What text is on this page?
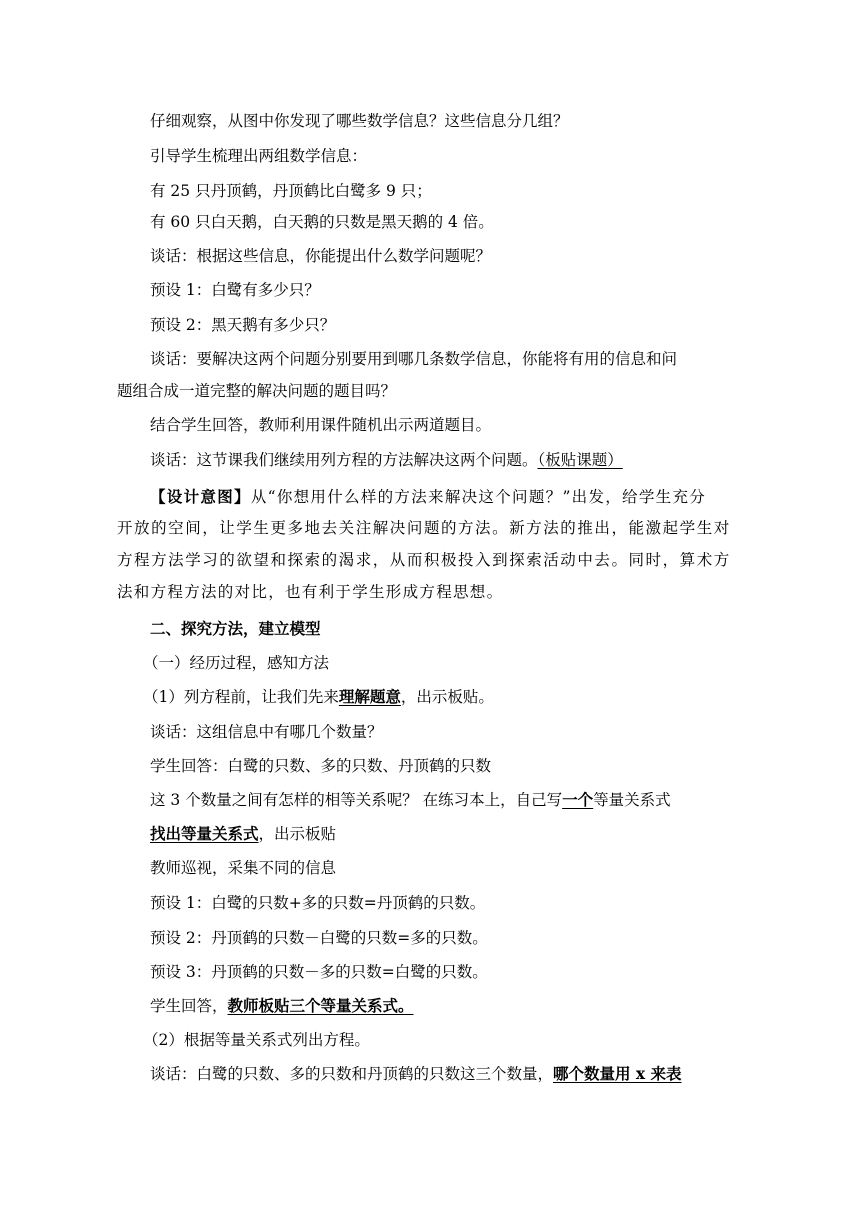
仔细观察，从图中你发现了哪些数学信息？这些信息分几组？
引导学生梳理出两组数学信息：
有 25 只丹顶鹤，丹顶鹤比白鹭多 9 只；
有 60 只白天鹅，白天鹅的只数是黑天鹅的 4 倍。
谈话：根据这些信息，你能提出什么数学问题呢？
预设 1：白鹭有多少只？
预设 2：黑天鹅有多少只？
谈话：要解决这两个问题分别要用到哪几条数学信息，你能将有用的信息和问
题组合成一道完整的解决问题的题目吗？
结合学生回答，教师利用课件随机出示两道题目。
谈话：这节课我们继续用列方程的方法解决这两个问题。（板贴课题）
【设计意图】从“你想用什么样的方法来解决这个问题？”出发，给学生充分
开放的空间，让学生更多地去关注解决问题的方法。新方法的推出，能激起学生对
方程方法学习的欲望和探索的渴求，从而积极投入到探索活动中去。同时，算术方
法和方程方法的对比，也有利于学生形成方程思想。
二、探究方法，建立模型
（一）经历过程，感知方法
（1）列方程前，让我们先来理解题意，出示板贴。
谈话：这组信息中有哪几个数量？
学生回答：白鹭的只数、多的只数、丹顶鹤的只数
这 3 个数量之间有怎样的相等关系呢？ 在练习本上，自己写一个等量关系式
找出等量关系式，出示板贴
教师巡视，采集不同的信息
预设 1：白鹭的只数+多的只数=丹顶鹤的只数。
预设 2：丹顶鹤的只数－白鹭的只数=多的只数。
预设 3：丹顶鹤的只数－多的只数=白鹭的只数。
学生回答，教师板贴三个等量关系式。
（2）根据等量关系式列出方程。
谈话：白鹭的只数、多的只数和丹顶鹤的只数这三个数量，哪个数量用 x 来表
